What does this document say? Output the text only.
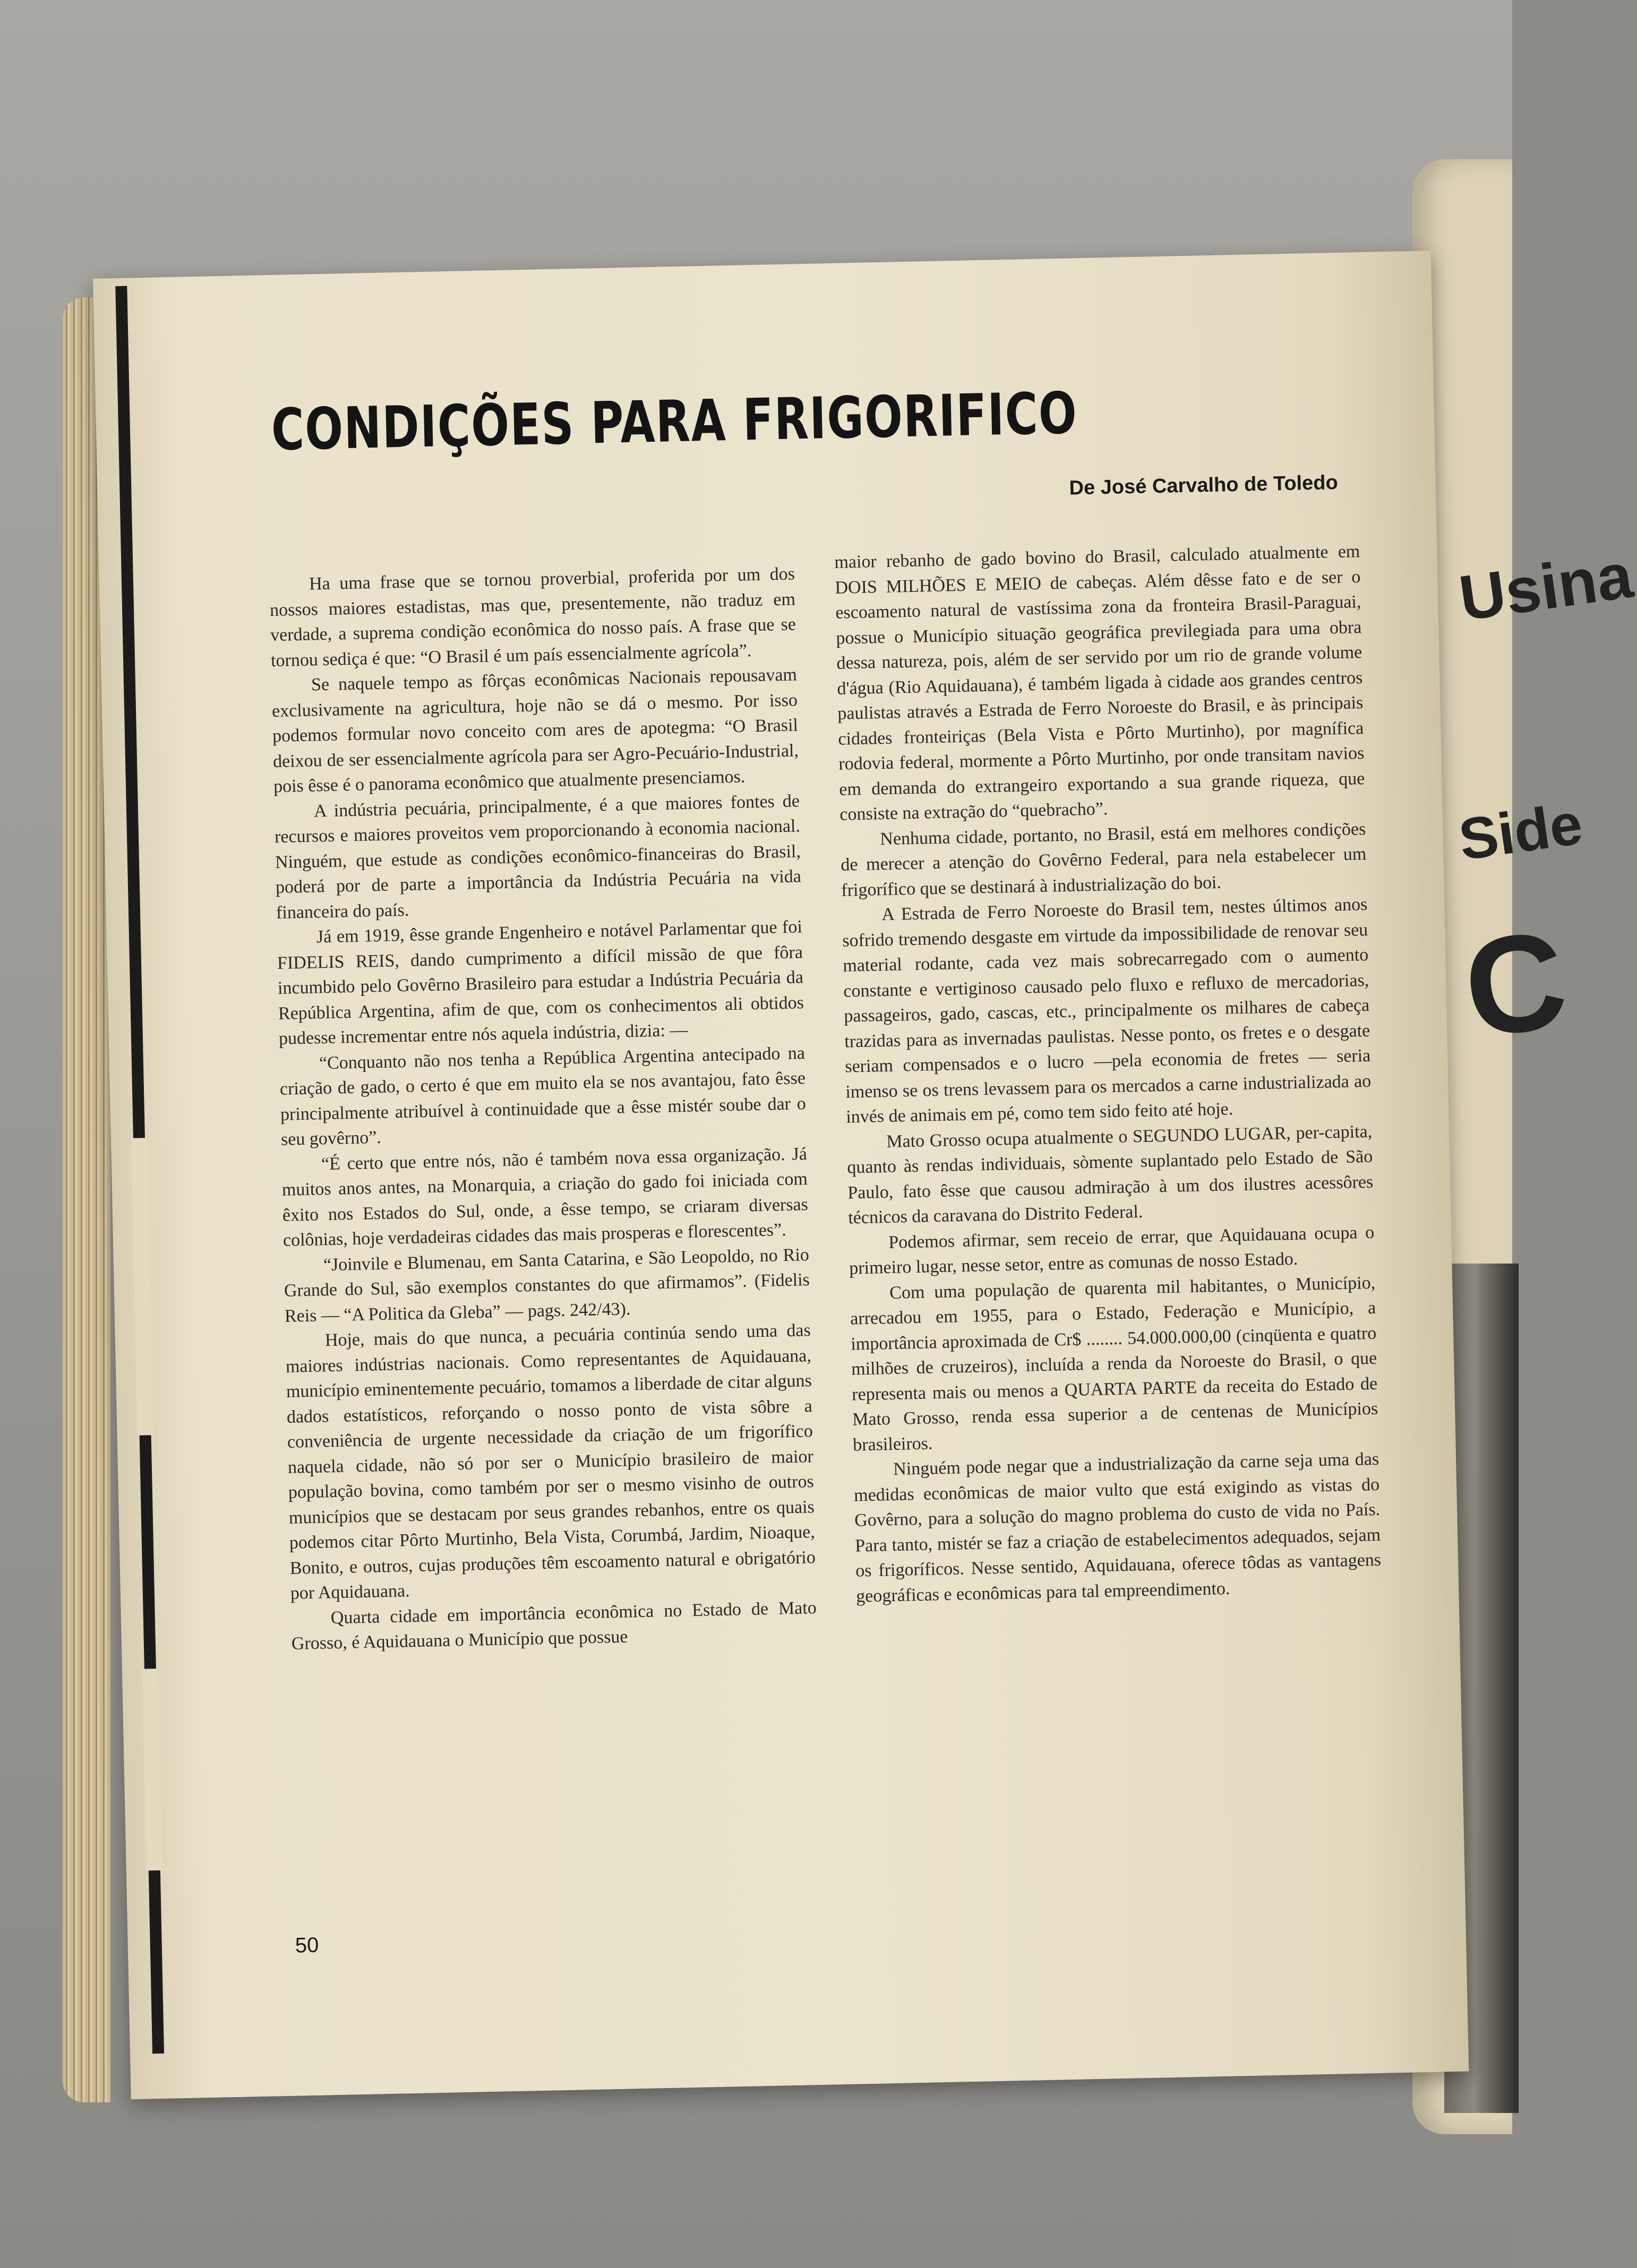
Usina
Side
C
CONDIÇÕES PARA FRIGORIFICO

De José Carvalho de Toledo

Ha uma frase que se tornou proverbial, proferida por um dos nossos maiores estadistas, mas que, presentemente, não traduz em verdade, a suprema condição econômica do nosso país. A frase que se tornou sediça é que: “O Brasil é um país essencialmente agrícola”.

Se naquele tempo as fôrças econômicas Nacionais repousavam exclusivamente na agricultura, hoje não se dá o mesmo. Por isso podemos formular novo conceito com ares de apotegma: “O Brasil deixou de ser essencialmente agrícola para ser Agro-Pecuário-Industrial, pois êsse é o panorama econômico que atualmente presenciamos.

A indústria pecuária, principalmente, é a que maiores fontes de recursos e maiores proveitos vem proporcionando à economia nacional. Ninguém, que estude as condições econômico-financeiras do Brasil, poderá por de parte a importância da Indústria Pecuária na vida financeira do país.

Já em 1919, êsse grande Engenheiro e notável Parlamentar que foi FIDELIS REIS, dando cumprimento a difícil missão de que fôra incumbido pelo Govêrno Brasileiro para estudar a Indústria Pecuária da República Argentina, afim de que, com os conhecimentos ali obtidos pudesse incrementar entre nós aquela indústria, dizia: —

“Conquanto não nos tenha a República Argentina antecipado na criação de gado, o certo é que em muito ela se nos avantajou, fato êsse principalmente atribuível à continuidade que a êsse mistér soube dar o seu govêrno”.

“É certo que entre nós, não é também nova essa organização. Já muitos anos antes, na Monarquia, a criação do gado foi iniciada com êxito nos Estados do Sul, onde, a êsse tempo, se criaram diversas colônias, hoje verdadeiras cidades das mais prosperas e florescentes”.

“Joinvile e Blumenau, em Santa Catarina, e São Leopoldo, no Rio Grande do Sul, são exemplos constantes do que afirmamos”. (Fidelis Reis — “A Politica da Gleba” — pags. 242/43).

Hoje, mais do que nunca, a pecuária continúa sendo uma das maiores indústrias nacionais. Como representantes de Aquidauana, município eminentemente pecuário, tomamos a liberdade de citar alguns dados estatísticos, reforçando o nosso ponto de vista sôbre a conveniência de urgente necessidade da criação de um frigorífico naquela cidade, não só por ser o Município brasileiro de maior população bovina, como também por ser o mesmo visinho de outros municípios que se destacam por seus grandes rebanhos, entre os quais podemos citar Pôrto Murtinho, Bela Vista, Corumbá, Jardim, Nioaque, Bonito, e outros, cujas produções têm escoamento natural e obrigatório por Aquidauana.

Quarta cidade em importância econômica no Estado de Mato Grosso, é Aquidauana o Município que possue

maior rebanho de gado bovino do Brasil, calculado atualmente em DOIS MILHÕES E MEIO de cabeças. Além dêsse fato e de ser o escoamento natural de vastíssima zona da fronteira Brasil-Paraguai, possue o Município situação geográfica previlegiada para uma obra dessa natureza, pois, além de ser servido por um rio de grande volume d'água (Rio Aquidauana), é também ligada à cidade aos grandes centros paulistas através a Estrada de Ferro Noroeste do Brasil, e às principais cidades fronteiriças (Bela Vista e Pôrto Murtinho), por magnífica rodovia federal, mormente a Pôrto Murtinho, por onde transitam navios em demanda do extrangeiro exportando a sua grande riqueza, que consiste na extração do “quebracho”.

Nenhuma cidade, portanto, no Brasil, está em melhores condições de merecer a atenção do Govêrno Federal, para nela estabelecer um frigorífico que se destinará à industrialização do boi.

A Estrada de Ferro Noroeste do Brasil tem, nestes últimos anos sofrido tremendo desgaste em virtude da impossibilidade de renovar seu material rodante, cada vez mais sobrecarregado com o aumento constante e vertiginoso causado pelo fluxo e refluxo de mercadorias, passageiros, gado, cascas, etc., principalmente os milhares de cabeça trazidas para as invernadas paulistas. Nesse ponto, os fretes e o desgate seriam compensados e o lucro —pela economia de fretes — seria imenso se os trens levassem para os mercados a carne industrializada ao invés de animais em pé, como tem sido feito até hoje.

Mato Grosso ocupa atualmente o SEGUNDO LUGAR, per-capita, quanto às rendas individuais, sòmente suplantado pelo Estado de São Paulo, fato êsse que causou admiração à um dos ilustres acessôres técnicos da caravana do Distrito Federal.

Podemos afirmar, sem receio de errar, que Aquidauana ocupa o primeiro lugar, nesse setor, entre as comunas de nosso Estado.

Com uma população de quarenta mil habitantes, o Município, arrecadou em 1955, para o Estado, Federação e Município, a importância aproximada de Cr$ ........ 54.000.000,00 (cinqüenta e quatro milhões de cruzeiros), incluída a renda da Noroeste do Brasil, o que representa mais ou menos a QUARTA PARTE da receita do Estado de Mato Grosso, renda essa superior a de centenas de Municípios brasileiros.

Ninguém pode negar que a industrialização da carne seja uma das medidas econômicas de maior vulto que está exigindo as vistas do Govêrno, para a solução do magno problema do custo de vida no País. Para tanto, mistér se faz a criação de estabelecimentos adequados, sejam os frigoríficos. Nesse sentido, Aquidauana, oferece tôdas as vantagens geográficas e econômicas para tal empreendimento.

50
